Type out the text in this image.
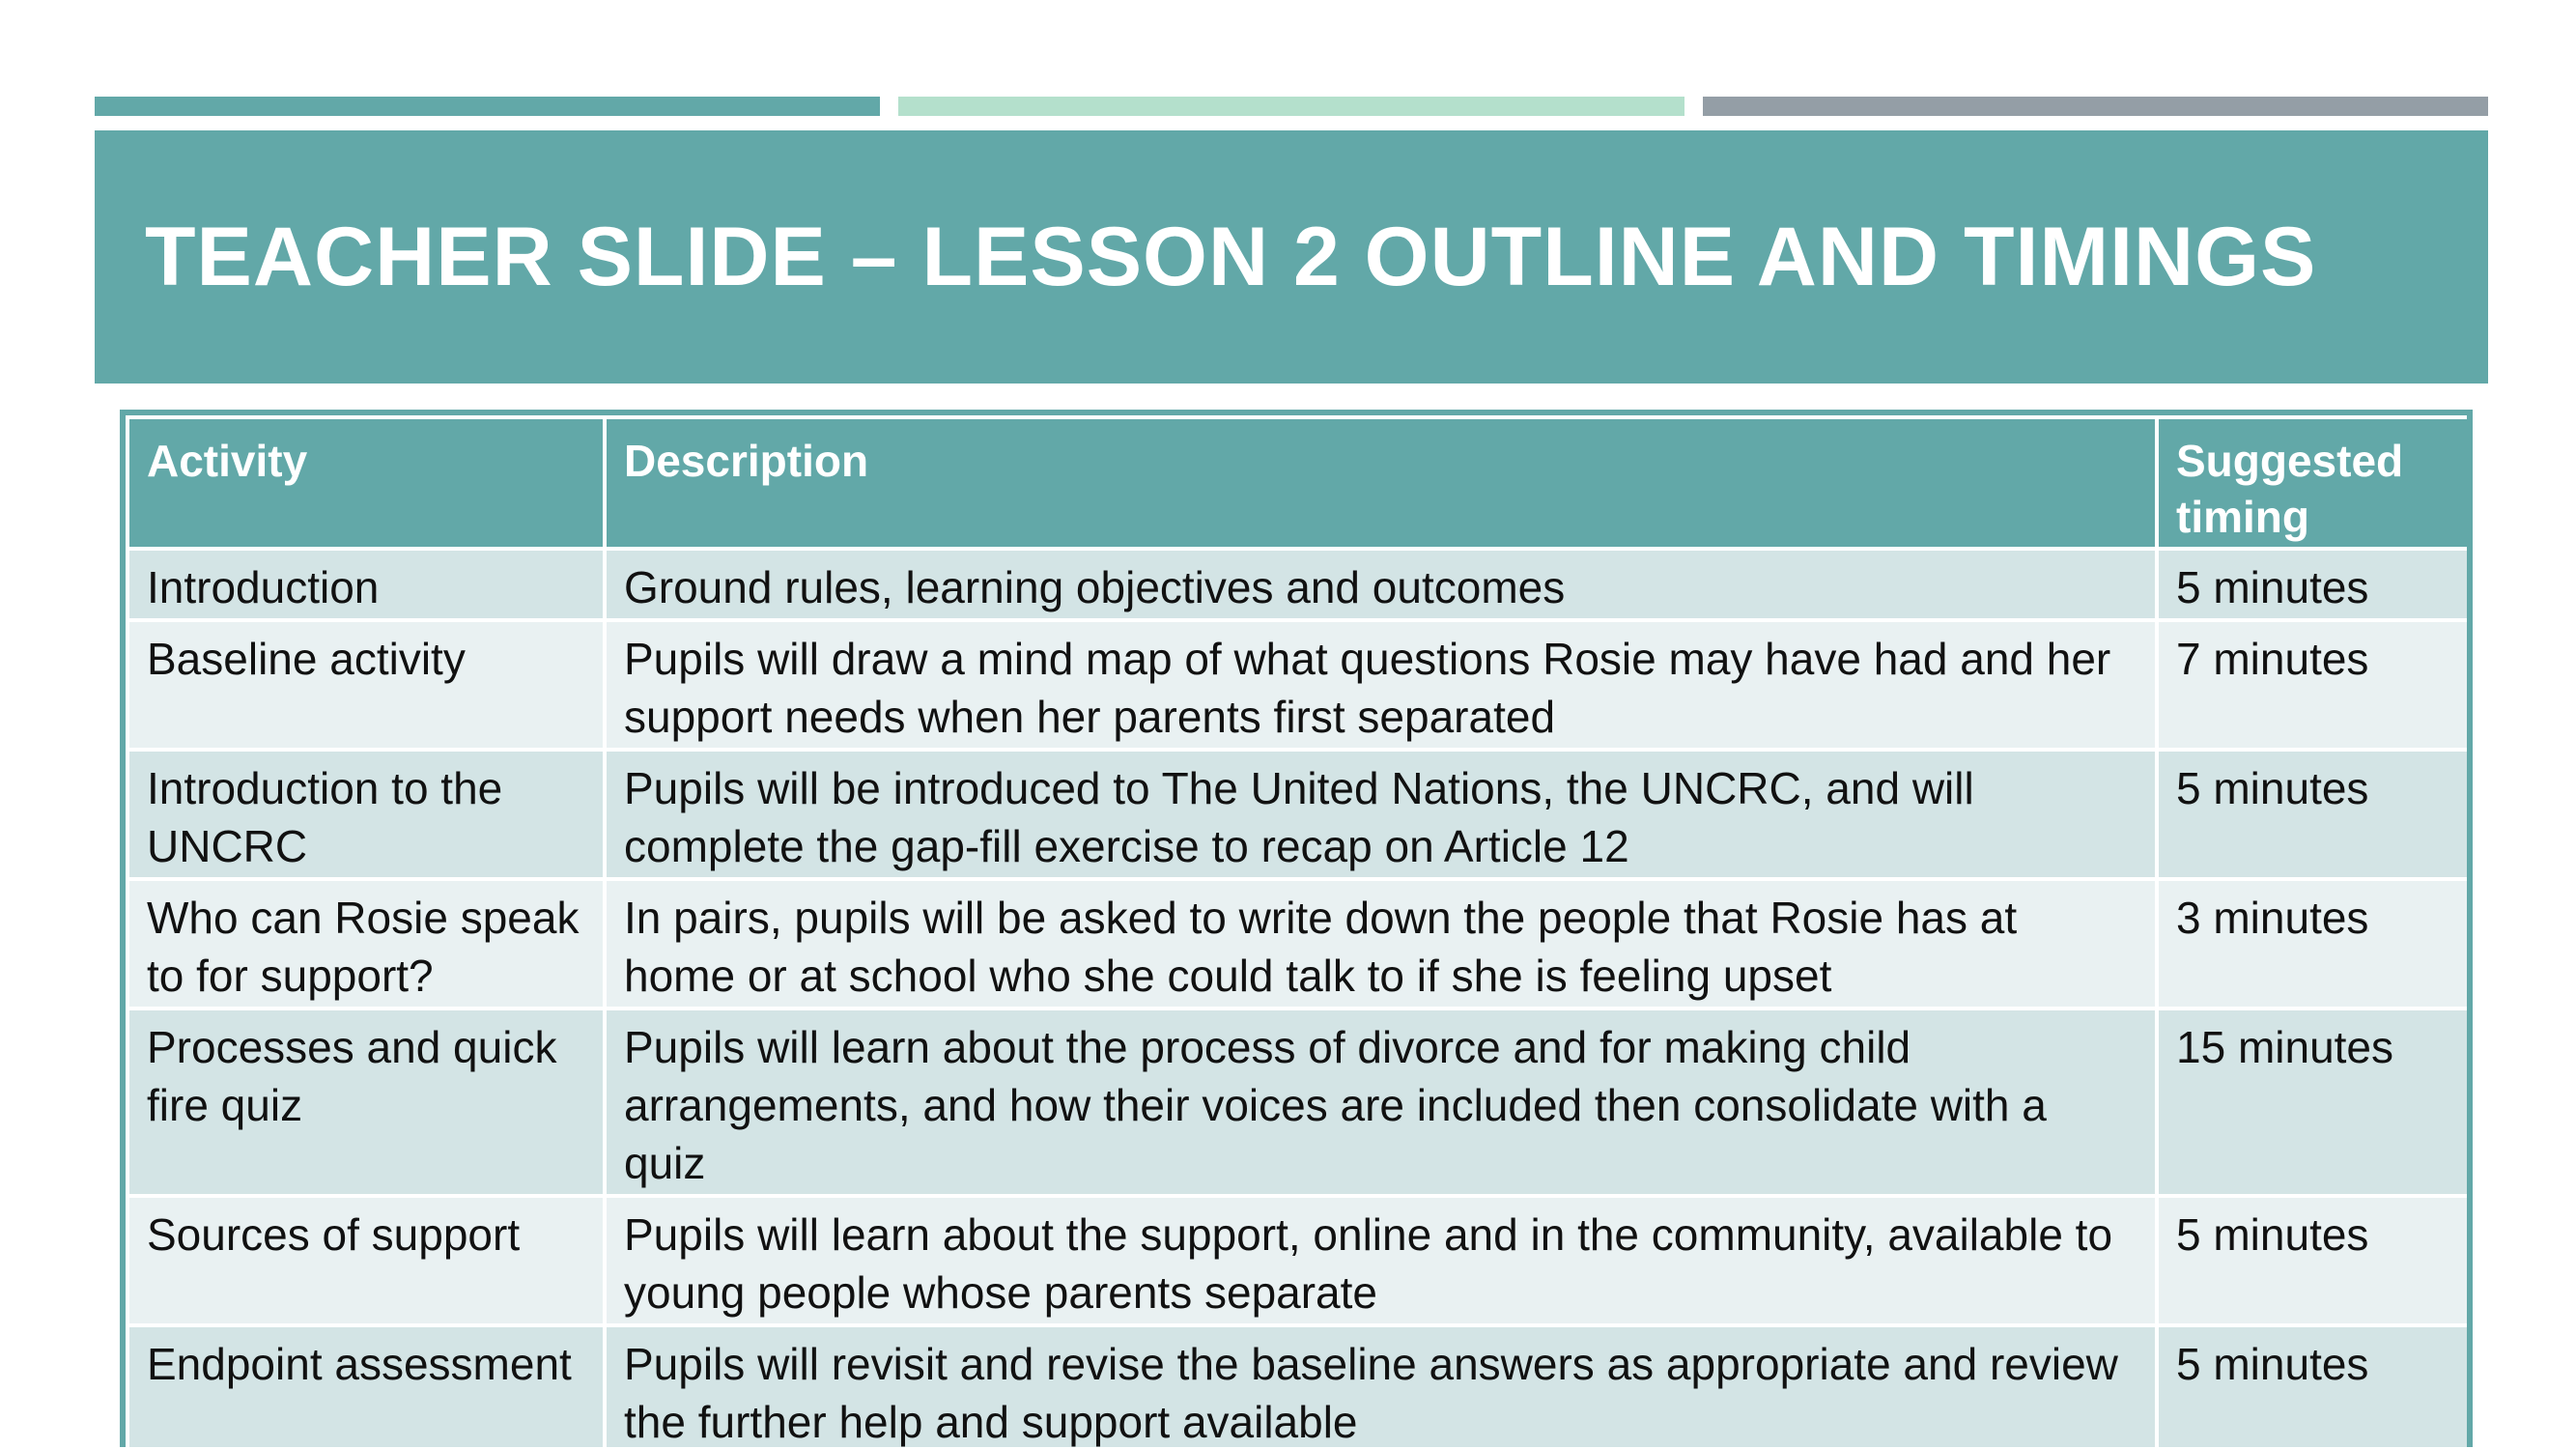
TEACHER SLIDE – LESSON 2 OUTLINE AND TIMINGS
Activity	Description	Suggested timing
Introduction	Ground rules, learning objectives and outcomes	5 minutes
Baseline activity	Pupils will draw a mind map of what questions Rosie may have had and her support needs when her parents first separated	7 minutes
Introduction to the UNCRC	Pupils will be introduced to The United Nations, the UNCRC, and will complete the gap-fill exercise to recap on Article 12	5 minutes
Who can Rosie speak to for support?	In pairs, pupils will be asked to write down the people that Rosie has at home or at school who she could talk to if she is feeling upset	3 minutes
Processes and quick fire quiz	Pupils will learn about the process of divorce and for making child arrangements, and how their voices are included then consolidate with a quiz	15 minutes
Sources of support	Pupils will learn about the support, online and in the community, available to young people whose parents separate	5 minutes
Endpoint assessment	Pupils will revisit and revise the baseline answers as appropriate and review the further help and support available	5 minutes
